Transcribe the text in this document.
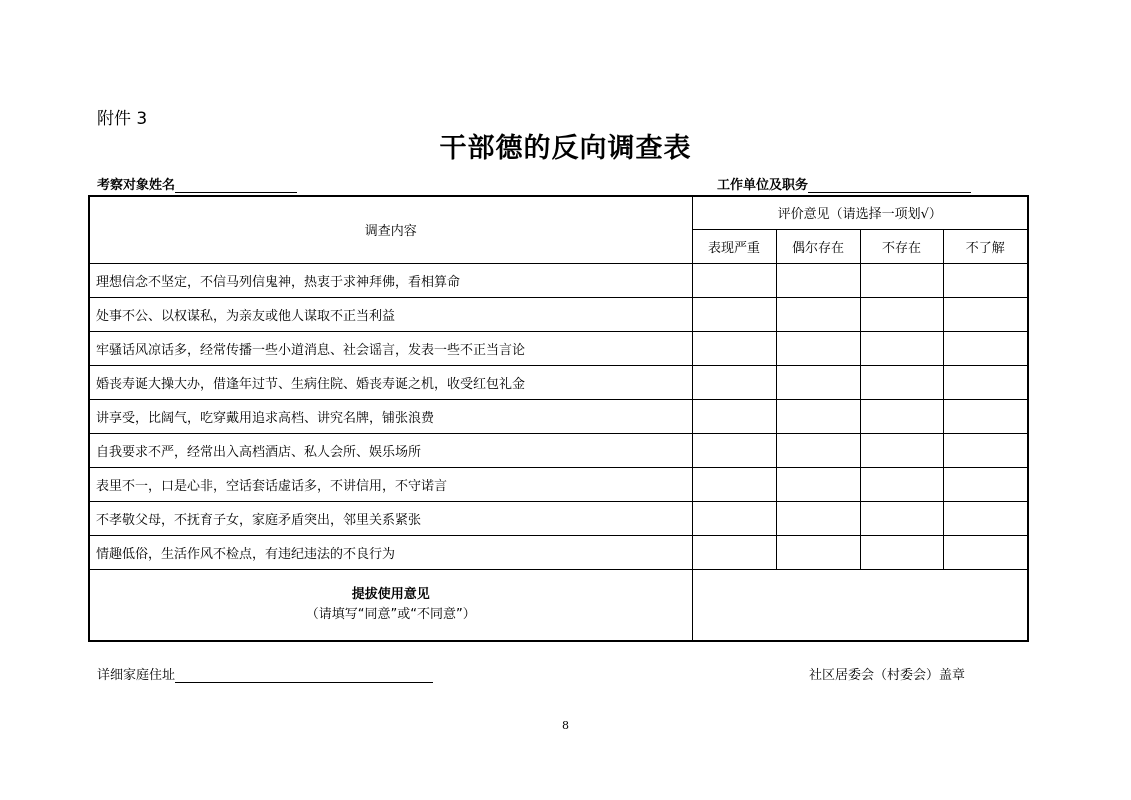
附件 3
干部德的反向调查表
考察对象姓名	工作单位及职务
调查内容	评价意见（请选择一项划√）			
	表现严重	偶尔存在	不存在	不了解
理想信念不坚定，不信马列信鬼神，热衷于求神拜佛，看相算命				
处事不公、以权谋私，为亲友或他人谋取不正当利益				
牢骚话风凉话多，经常传播一些小道消息、社会谣言，发表一些不正当言论				
婚丧寿诞大操大办，借逢年过节、生病住院、婚丧寿诞之机，收受红包礼金				
讲享受，比阔气，吃穿戴用追求高档、讲究名牌，铺张浪费				
自我要求不严，经常出入高档酒店、私人会所、娱乐场所				
表里不一，口是心非，空话套话虚话多，不讲信用，不守诺言				
不孝敬父母，不抚育子女，家庭矛盾突出，邻里关系紧张				
情趣低俗，生活作风不检点，有违纪违法的不良行为				

提拔使用意见
（请填写“同意”或“不同意”）				

详细家庭住址	社区居委会（村委会）盖章
8
